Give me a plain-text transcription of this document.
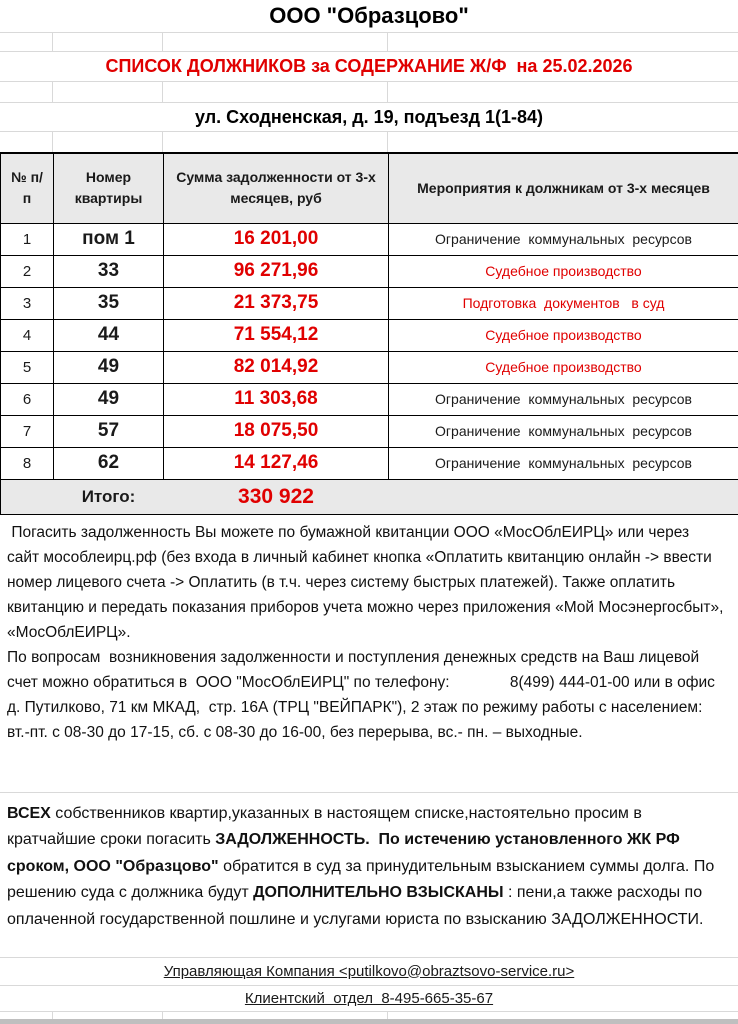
ООО "Образцово"
СПИСОК ДОЛЖНИКОВ за СОДЕРЖАНИЕ Ж/Ф  на 25.02.2026
ул. Сходненская, д. 19, подъезд 1(1-84)
№ п/п	Номер квартиры	Сумма задолженности от 3-х месяцев, руб	Мероприятия к должникам от 3-х месяцев
1	пом 1	16 201,00	Ограничение  коммунальных  ресурсов
2	33	96 271,96	Судебное производство
3	35	21 373,75	Подготовка  документов   в суд
4	44	71 554,12	Судебное производство
5	49	82 014,92	Судебное производство
6	49	11 303,68	Ограничение  коммунальных  ресурсов
7	57	18 075,50	Ограничение  коммунальных  ресурсов
8	62	14 127,46	Ограничение  коммунальных  ресурсов
	Итого:	330 922	
Погасить задолженность Вы можете по бумажной квитанции ООО «МосОблЕИРЦ» или через сайт мособлеирц.рф (без входа в личный кабинет кнопка «Оплатить квитанцию онлайн -> ввести номер лицевого счета -> Оплатить (в т.ч. через систему быстрых платежей). Также оплатить квитанцию и передать показания приборов учета можно через приложения «Мой Мосэнергосбыт», «МосОблЕИРЦ».
По вопросам  возникновения задолженности и поступления денежных средств на Ваш лицевой счет можно обратиться в  ООО "МосОблЕИРЦ" по телефону:              8(499) 444-01-00 или в офис д. Путилково, 71 км МКАД,  стр. 16А (ТРЦ "ВЕЙПАРК"), 2 этаж по режиму работы с населением: вт.-пт. с 08-30 до 17-15, сб. с 08-30 до 16-00, без перерыва, вс.- пн. – выходные.
ВСЕХ собственников квартир,указанных в настоящем списке,настоятельно просим в кратчайшие сроки погасить ЗАДОЛЖЕННОСТЬ.  По истечению установленного ЖК РФ сроком, ООО "Образцово" обратится в суд за принудительным взысканием суммы долга. По решению суда с должника будут ДОПОЛНИТЕЛЬНО ВЗЫСКАНЫ : пени,а также расходы по оплаченной государственной пошлине и услугами юриста по взысканию ЗАДОЛЖЕННОСТИ.
Управляющая Компания <putilkovo@obraztsovo-service.ru>
Клиентский  отдел  8-495-665-35-67
